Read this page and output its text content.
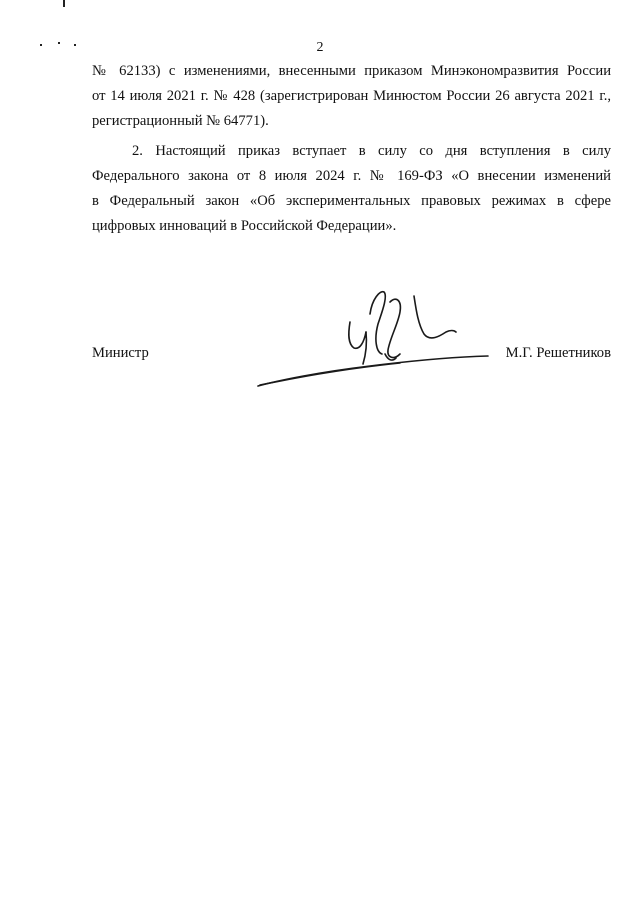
2
№ 62133) с изменениями, внесенными приказом Минэкономразвития России
от 14 июля 2021 г. № 428 (зарегистрирован Минюстом России 26 августа 2021 г.,
регистрационный № 64771).
2. Настоящий приказ вступает в силу со дня вступления в силу
Федерального закона от 8 июля 2024 г. № 169-ФЗ «О внесении изменений
в Федеральный закон «Об экспериментальных правовых режимах в сфере
цифровых инноваций в Российской Федерации».
Министр	М.Г. Решетников
